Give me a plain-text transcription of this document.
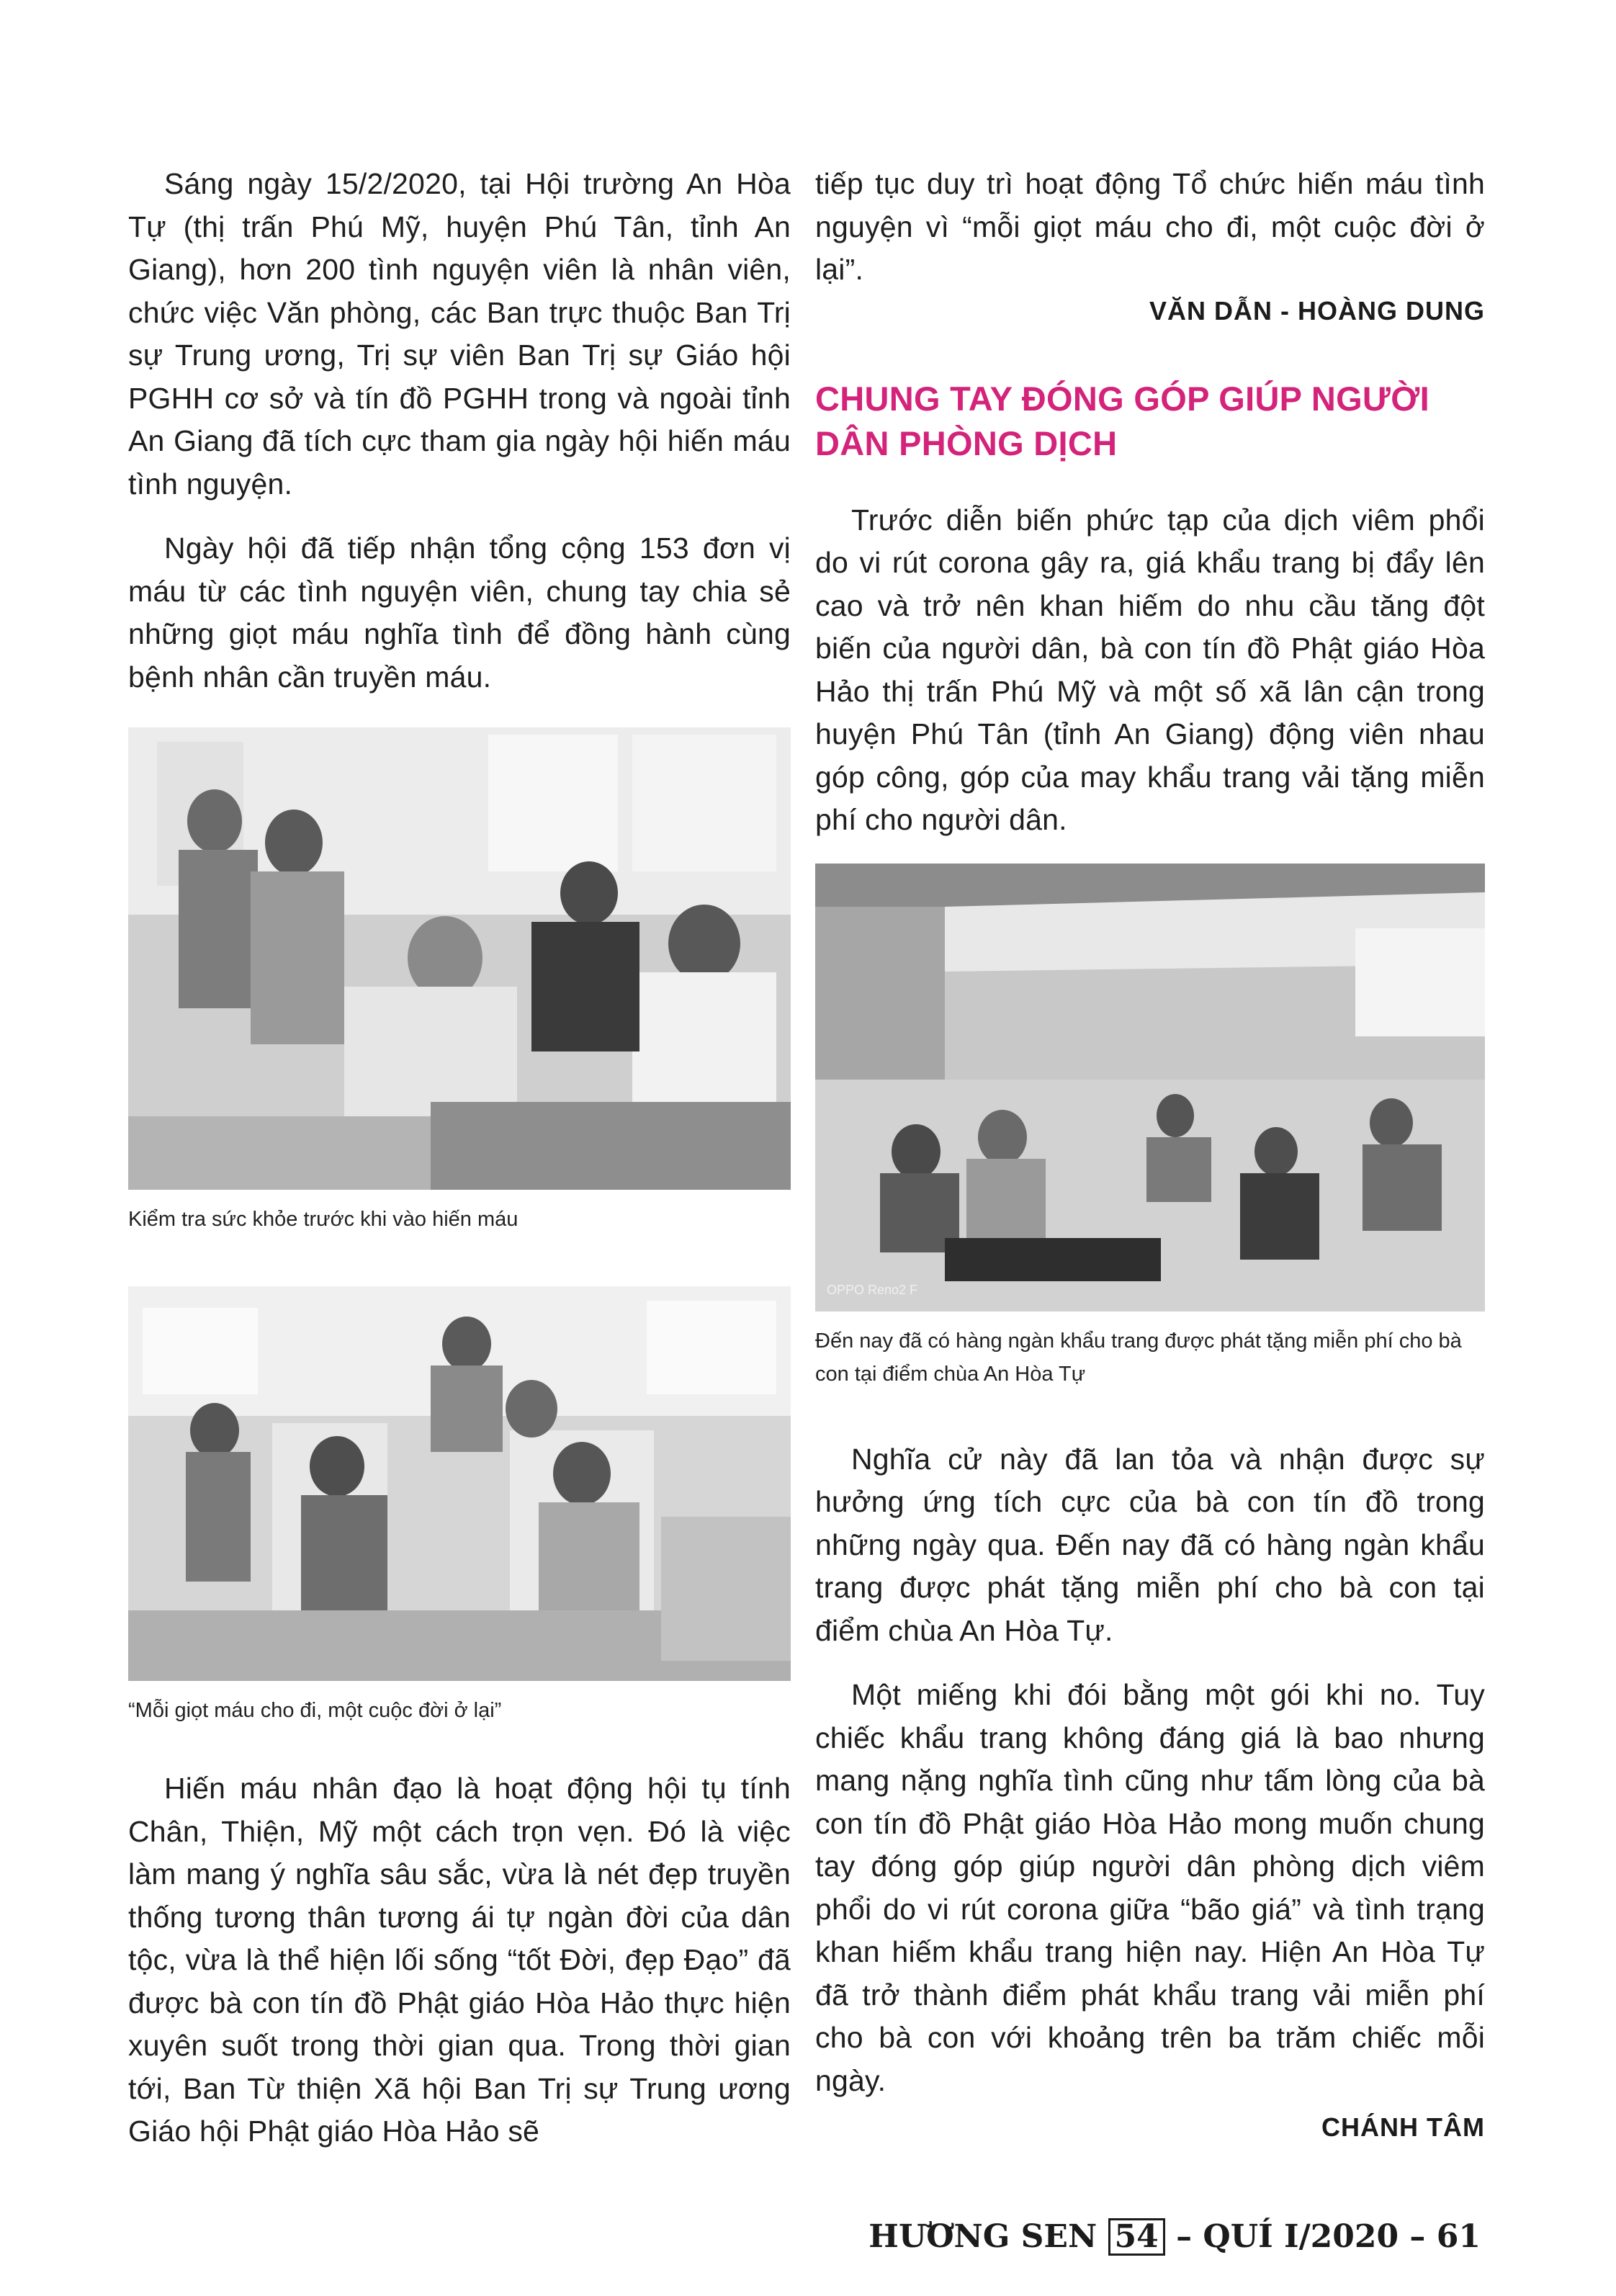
Sáng ngày 15/2/2020, tại Hội trường An Hòa Tự (thị trấn Phú Mỹ, huyện Phú Tân, tỉnh An Giang), hơn 200 tình nguyện viên là nhân viên, chức việc Văn phòng, các Ban trực thuộc Ban Trị sự Trung ương, Trị sự viên Ban Trị sự Giáo hội PGHH cơ sở và tín đồ PGHH trong và ngoài tỉnh An Giang đã tích cực tham gia ngày hội hiến máu tình nguyện.

Ngày hội đã tiếp nhận tổng cộng 153 đơn vị máu từ các tình nguyện viên, chung tay chia sẻ những giọt máu nghĩa tình để đồng hành cùng bệnh nhân cần truyền máu.

Kiểm tra sức khỏe trước khi vào hiến máu
“Mỗi giọt máu cho đi, một cuộc đời ở lại”

Hiến máu nhân đạo là hoạt động hội tụ tính Chân, Thiện, Mỹ một cách trọn vẹn. Đó là việc làm mang ý nghĩa sâu sắc, vừa là nét đẹp truyền thống tương thân tương ái tự ngàn đời của dân tộc, vừa là thể hiện lối sống “tốt Đời, đẹp Đạo” đã được bà con tín đồ Phật giáo Hòa Hảo thực hiện xuyên suốt trong thời gian qua. Trong thời gian tới, Ban Từ thiện Xã hội Ban Trị sự Trung ương Giáo hội Phật giáo Hòa Hảo sẽ

tiếp tục duy trì hoạt động Tổ chức hiến máu tình nguyện vì “mỗi giọt máu cho đi, một cuộc đời ở lại”.

VĂN DẪN - HOÀNG DUNG
CHUNG TAY ĐÓNG GÓP GIÚP NGƯỜI DÂN PHÒNG DỊCH

Trước diễn biến phức tạp của dịch viêm phổi do vi rút corona gây ra, giá khẩu trang bị đẩy lên cao và trở nên khan hiếm do nhu cầu tăng đột biến của người dân, bà con tín đồ Phật giáo Hòa Hảo thị trấn Phú Mỹ và một số xã lân cận trong huyện Phú Tân (tỉnh An Giang) động viên nhau góp công, góp của may khẩu trang vải tặng miễn phí cho người dân.

OPPO Reno2 F
Đến nay đã có hàng ngàn khẩu trang được phát tặng miễn phí cho bà con tại điểm chùa An Hòa Tự

Nghĩa cử này đã lan tỏa và nhận được sự hưởng ứng tích cực của bà con tín đồ trong những ngày qua. Đến nay đã có hàng ngàn khẩu trang được phát tặng miễn phí cho bà con tại điểm chùa An Hòa Tự.

Một miếng khi đói bằng một gói khi no. Tuy chiếc khẩu trang không đáng giá là bao nhưng mang nặng nghĩa tình cũng như tấm lòng của bà con tín đồ Phật giáo Hòa Hảo mong muốn chung tay đóng góp giúp người dân phòng dịch viêm phổi do vi rút corona giữa “bão giá” và tình trạng khan hiếm khẩu trang hiện nay. Hiện An Hòa Tự đã trở thành điểm phát khẩu trang vải miễn phí cho bà con với khoảng trên ba trăm chiếc mỗi ngày.

CHÁNH TÂM
HƯƠNG SEN 54 – QUÍ I/2020 – 61
